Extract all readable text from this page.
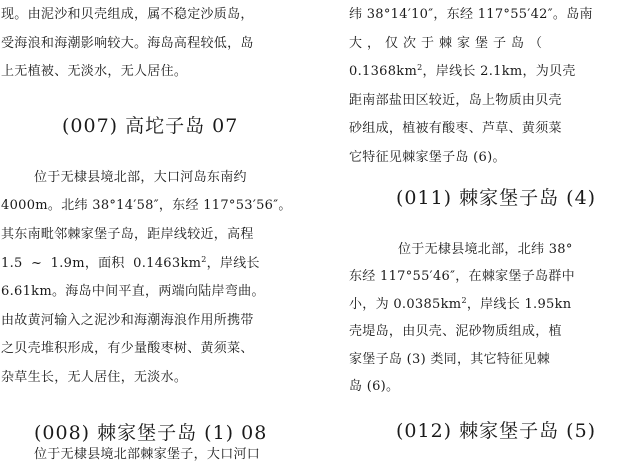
现。由泥沙和贝壳组成，属不稳定沙质岛，
受海浪和海潮影响较大。海岛高程较低，岛
上无植被、无淡水，无人居住。
(007) 高坨子岛 07
位于无棣县境北部，大口河岛东南约
4000m。北纬 38°14′58″，东经 117°53′56″。
其东南毗邻棘家堡子岛，距岸线较近，高程
1.5 ~ 1.9m，面积 $0.1463km^2$，岸线长
6.61km。海岛中间平直，两端向陆岸弯曲。
由故黄河输入之泥沙和海潮海浪作用所携带
之贝壳堆积形成，有少量酸枣树、黄须菜、
杂草生长，无人居住，无淡水。
(008) 棘家堡子岛 (1) 08
位于无棣县境北部棘家堡子，大口河口
纬 38°14′10″，东经 117°55′42″。岛南
大，仅次于棘家堡子岛（
$0.1368km^2$，岸线长 2.1km，为贝壳
距南部盐田区较近，岛上物质由贝壳
砂组成，植被有酸枣、芦草、黄须菜
它特征见棘家堡子岛 (6)。
(011) 棘家堡子岛 (4)
位于无棣县境北部，北纬 38°
东经 117°55′46″，在棘家堡子岛群中
小，为 $0.0385km^2$，岸线长 1.95kn
壳堤岛，由贝壳、泥砂物质组成，植
家堡子岛 (3) 类同，其它特征见棘
岛 (6)。
(012) 棘家堡子岛 (5)
